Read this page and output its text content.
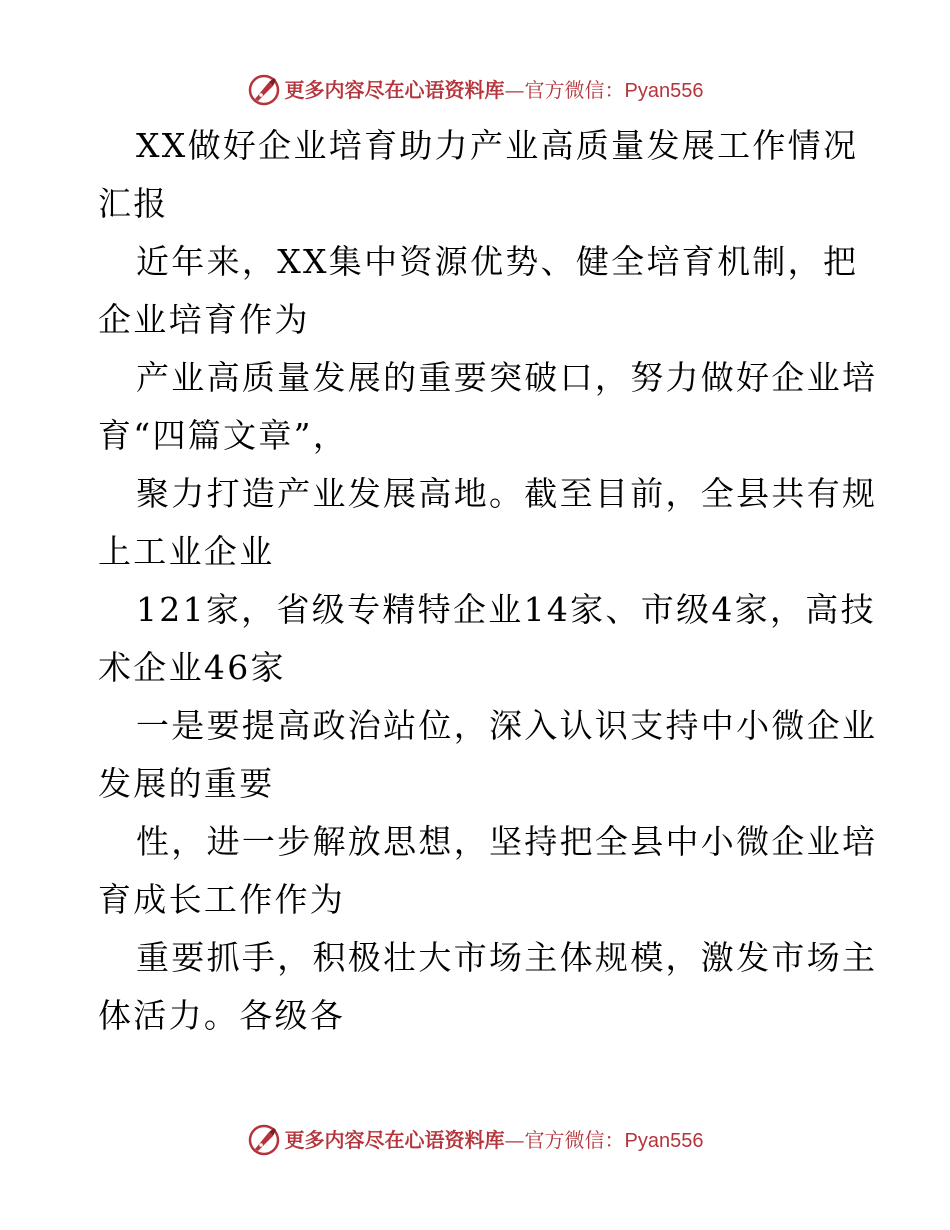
更多内容尽在心语资料库—官方微信：Pyan556

XX做好企业培育助力产业高质量发展工作情况
汇报

近年来，XX集中资源优势、健全培育机制，把
企业培育作为

产业高质量发展的重要突破口，努力做好企业培
育“四篇文章”，

聚力打造产业发展高地。截至目前，全县共有规
上工业企业

121家，省级专精特企业14家、市级4家，高技
术企业46家

一是要提高政治站位，深入认识支持中小微企业
发展的重要

性，进一步解放思想，坚持把全县中小微企业培
育成长工作作为

重要抓手，积极壮大市场主体规模，激发市场主
体活力。各级各

更多内容尽在心语资料库—官方微信：Pyan556
